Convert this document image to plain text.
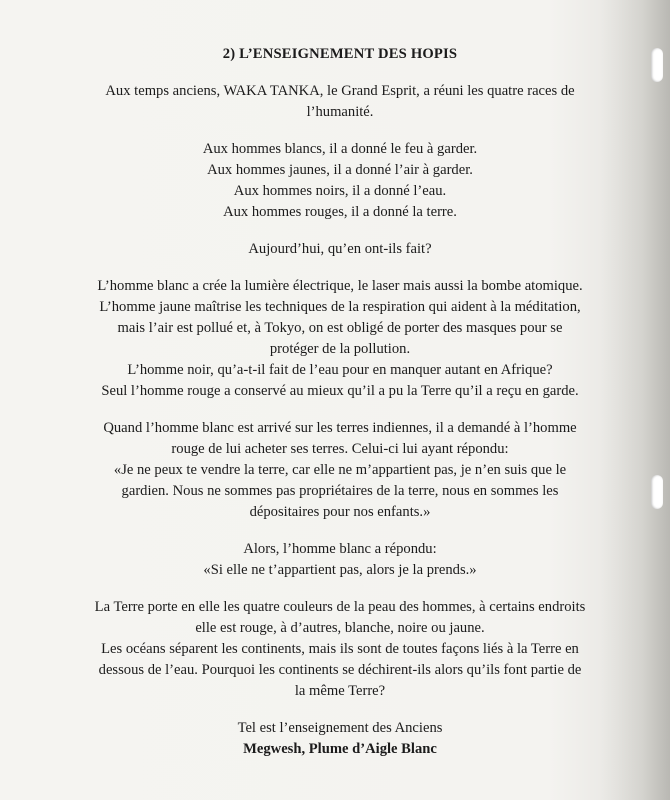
2) L’ENSEIGNEMENT DES HOPIS
Aux temps anciens, WAKA TANKA, le Grand Esprit, a réuni les quatre races de
l’humanité.
Aux hommes blancs, il a donné le feu à garder.
Aux hommes jaunes, il a donné l’air à garder.
Aux hommes noirs, il a donné l’eau.
Aux hommes rouges, il a donné la terre.
Aujourd’hui, qu’en ont-ils fait?
L’homme blanc a crée la lumière électrique, le laser mais aussi la bombe atomique.
L’homme jaune maîtrise les techniques de la respiration qui aident à la méditation,
mais l’air est pollué et, à Tokyo, on est obligé de porter des masques pour se
protéger de la pollution.
L’homme noir, qu’a-t-il fait de l’eau pour en manquer autant en Afrique?
Seul l’homme rouge a conservé au mieux qu’il a pu la Terre qu’il a reçu en garde.
Quand l’homme blanc est arrivé sur les terres indiennes, il a demandé à l’homme
rouge de lui acheter ses terres. Celui-ci lui ayant répondu:
«Je ne peux te vendre la terre, car elle ne m’appartient pas, je n’en suis que le
gardien. Nous ne sommes pas propriétaires de la terre, nous en sommes les
dépositaires pour nos enfants.»
Alors, l’homme blanc a répondu:
«Si elle ne t’appartient pas, alors je la prends.»
La Terre porte en elle les quatre couleurs de la peau des hommes, à certains endroits
elle est rouge, à d’autres, blanche, noire ou jaune.
Les océans séparent les continents, mais ils sont de toutes façons liés à la Terre en
dessous de l’eau. Pourquoi les continents se déchirent-ils alors qu’ils font partie de
la même Terre?
Tel est l’enseignement des Anciens
Megwesh, Plume d’Aigle Blanc
